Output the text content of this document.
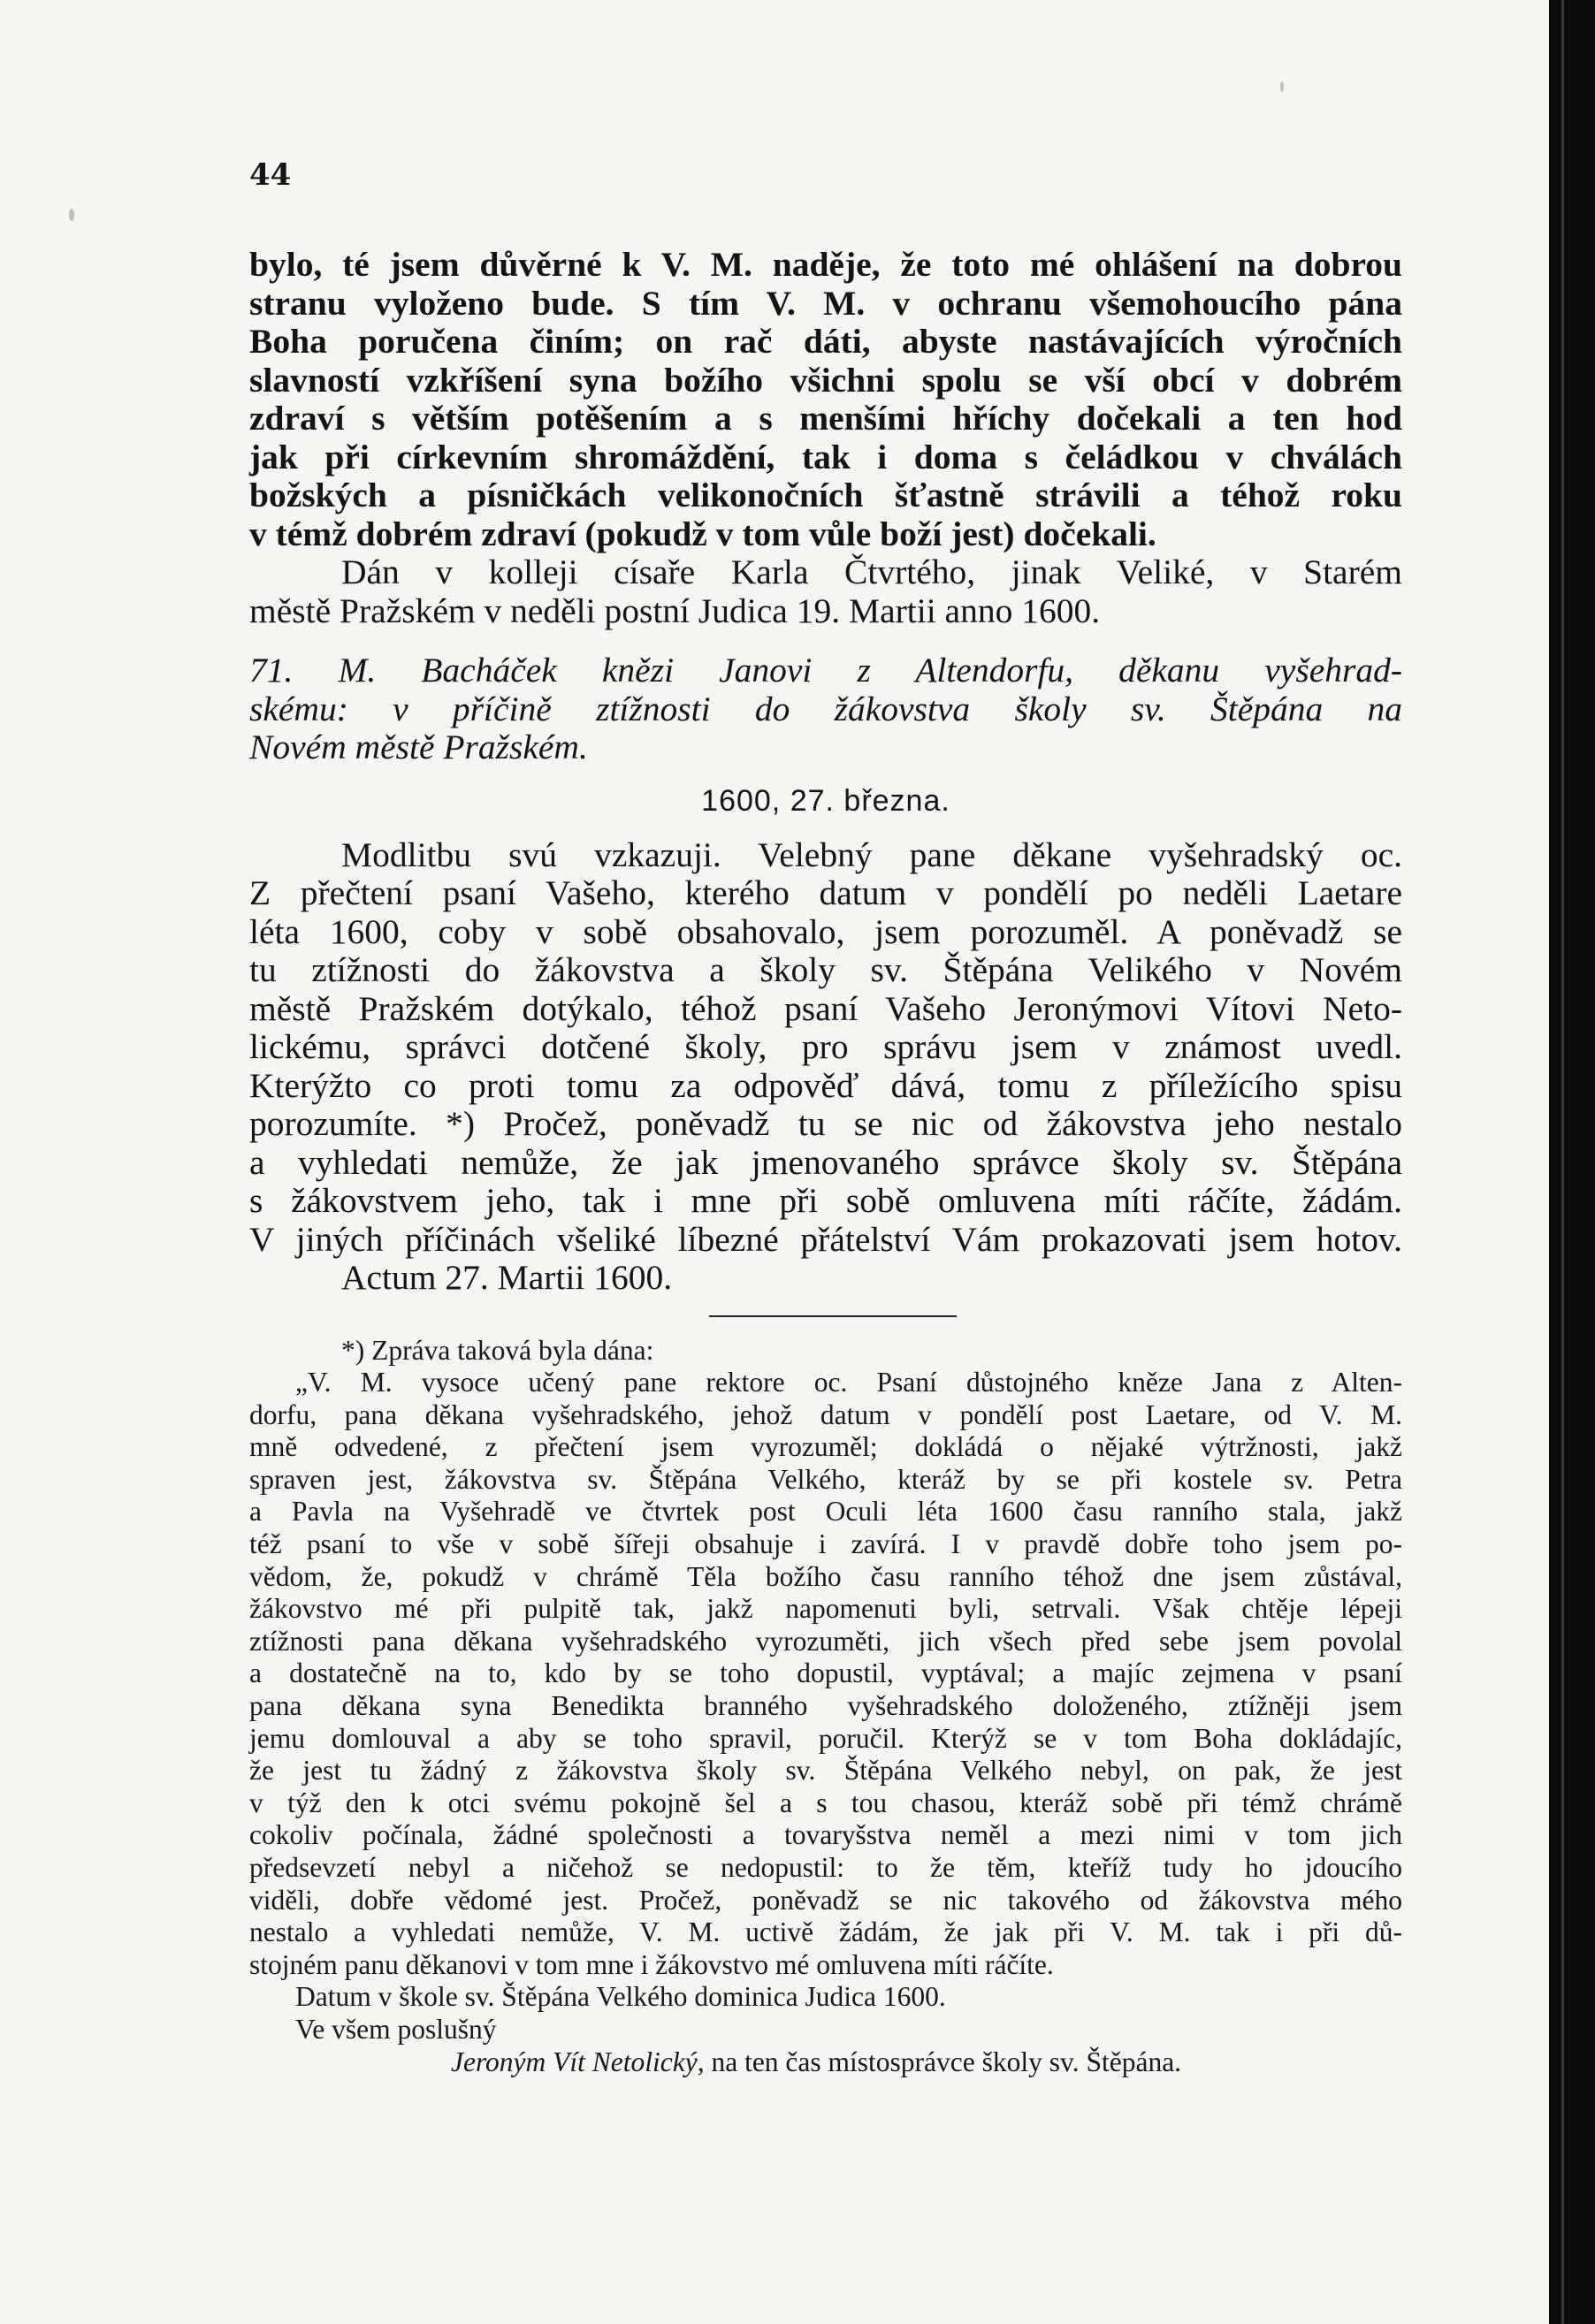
44
bylo, té jsem důvěrné k V. M. naděje, že toto mé ohlášení na dobrou
stranu vyloženo bude. S tím V. M. v ochranu všemohoucího pána
Boha poručena činím; on rač dáti, abyste nastávajících výročních
slavností vzkříšení syna božího všichni spolu se vší obcí v dobrém
zdraví s větším potěšením a s menšími hříchy dočekali a ten hod
jak při církevním shromáždění, tak i doma s čeládkou v chválách
božských a písničkách velikonočních šťastně strávili a téhož roku
v témž dobrém zdraví (pokudž v tom vůle boží jest) dočekali.
Dán v kolleji císaře Karla Čtvrtého, jinak Veliké, v Starém
městě Pražském v neděli postní Judica 19. Martii anno 1600.
71. M. Bacháček knězi Janovi z Altendorfu, děkanu vyšehrad-
skému: v příčině ztížnosti do žákovstva školy sv. Štěpána na
Novém městě Pražském.
1600, 27. března.
Modlitbu svú vzkazuji. Velebný pane děkane vyšehradský oc.
Z přečtení psaní Vašeho, kterého datum v pondělí po neděli Laetare
léta 1600, coby v sobě obsahovalo, jsem porozuměl. A poněvadž se
tu ztížnosti do žákovstva a školy sv. Štěpána Velikého v Novém
městě Pražském dotýkalo, téhož psaní Vašeho Jeronýmovi Vítovi Neto-
lickému, správci dotčené školy, pro správu jsem v známost uvedl.
Kterýžto co proti tomu za odpověď dává, tomu z příležícího spisu
porozumíte. *) Pročež, poněvadž tu se nic od žákovstva jeho nestalo
a vyhledati nemůže, že jak jmenovaného správce školy sv. Štěpána
s žákovstvem jeho, tak i mne při sobě omluvena míti ráčíte, žádám.
V jiných příčinách všeliké líbezné přátelství Vám prokazovati jsem hotov.
Actum 27. Martii 1600.
*) Zpráva taková byla dána:
„V. M. vysoce učený pane rektore oc. Psaní důstojného kněze Jana z Alten-
dorfu, pana děkana vyšehradského, jehož datum v pondělí post Laetare, od V. M.
mně odvedené, z přečtení jsem vyrozuměl; dokládá o nějaké výtržnosti, jakž
spraven jest, žákovstva sv. Štěpána Velkého, kteráž by se při kostele sv. Petra
a Pavla na Vyšehradě ve čtvrtek post Oculi léta 1600 času ranního stala, jakž
též psaní to vše v sobě šířeji obsahuje i zavírá. I v pravdě dobře toho jsem po-
vědom, že, pokudž v chrámě Těla božího času ranního téhož dne jsem zůstával,
žákovstvo mé při pulpitě tak, jakž napomenuti byli, setrvali. Však chtěje lépeji
ztížnosti pana děkana vyšehradského vyrozuměti, jich všech před sebe jsem povolal
a dostatečně na to, kdo by se toho dopustil, vyptával; a majíc zejmena v psaní
pana děkana syna Benedikta branného vyšehradského doloženého, ztížněji jsem
jemu domlouval a aby se toho spravil, poručil. Kterýž se v tom Boha dokládajíc,
že jest tu žádný z žákovstva školy sv. Štěpána Velkého nebyl, on pak, že jest
v týž den k otci svému pokojně šel a s tou chasou, kteráž sobě při témž chrámě
cokoliv počínala, žádné společnosti a tovaryšstva neměl a mezi nimi v tom jich
předsevzetí nebyl a ničehož se nedopustil: to že těm, kteříž tudy ho jdoucího
viděli, dobře vědomé jest. Pročež, poněvadž se nic takového od žákovstva mého
nestalo a vyhledati nemůže, V. M. uctivě žádám, že jak při V. M. tak i při dů-
stojném panu děkanovi v tom mne i žákovstvo mé omluvena míti ráčíte.
Datum v škole sv. Štěpána Velkého dominica Judica 1600.
Ve všem poslušný
Jeroným Vít Netolický, na ten čas místosprávce školy sv. Štěpána.
